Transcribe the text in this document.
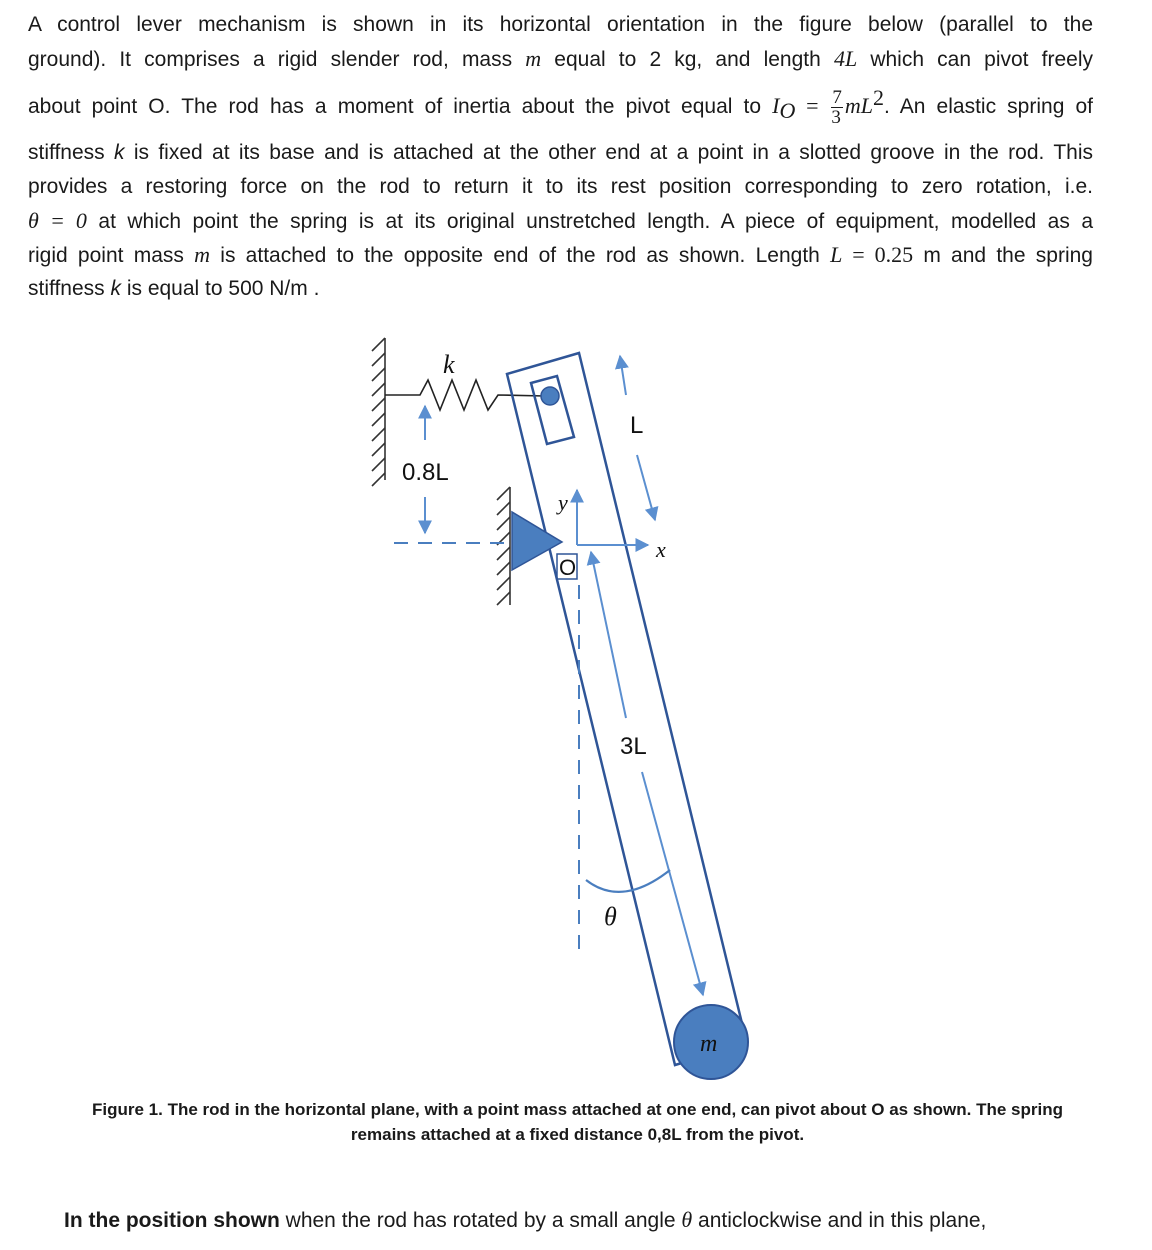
A control lever mechanism is shown in its horizontal orientation in the figure below (parallel to the
ground). It comprises a rigid slender rod, mass m equal to 2 kg, and length 4L which can pivot freely
about point O. The rod has a moment of inertia about the pivot equal to $I_O = \frac{7}{3} mL^2$. An elastic spring of
stiffness k is fixed at its base and is attached at the other end at a point in a slotted groove in the rod. This
provides a restoring force on the rod to return it to its rest position corresponding to zero rotation, i.e.
θ = 0 at which point the spring is at its original unstretched length. A piece of equipment, modelled as a
rigid point mass m is attached to the opposite end of the rod as shown. Length L = 0.25 m and the spring
stiffness k is equal to 500 N/m .
k
0.8L
y
x
O
L
3L
θ
m
Figure 1. The rod in the horizontal plane, with a point mass attached at one end, can pivot about O as shown. The spring
remains attached at a fixed distance 0,8L from the pivot.
In the position shown when the rod has rotated by a small angle θ anticlockwise and in this plane,
